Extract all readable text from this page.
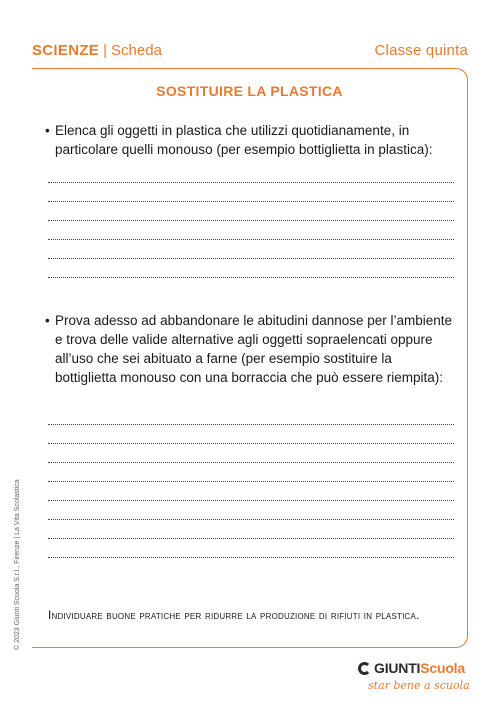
SCIENZE | Scheda	Classe quinta
SOSTITUIRE LA PLASTICA
• Elenca gli oggetti in plastica che utilizzi quotidianamente, in particolare quelli monouso (per esempio bottiglietta in plastica):
• Prova adesso ad abbandonare le abitudini dannose per l’ambiente e trova delle valide alternative agli oggetti sopraelencati oppure all’uso che sei abituato a farne (per esempio sostituire la bottiglietta monouso con una borraccia che può essere riempita):
Individuare buone pratiche per ridurre la produzione di rifiuti in plastica.
© 2023 Giunti Scuola S.r.l., Firenze | La Vita Scolastica
GIUNTI Scuola
star bene a scuola
